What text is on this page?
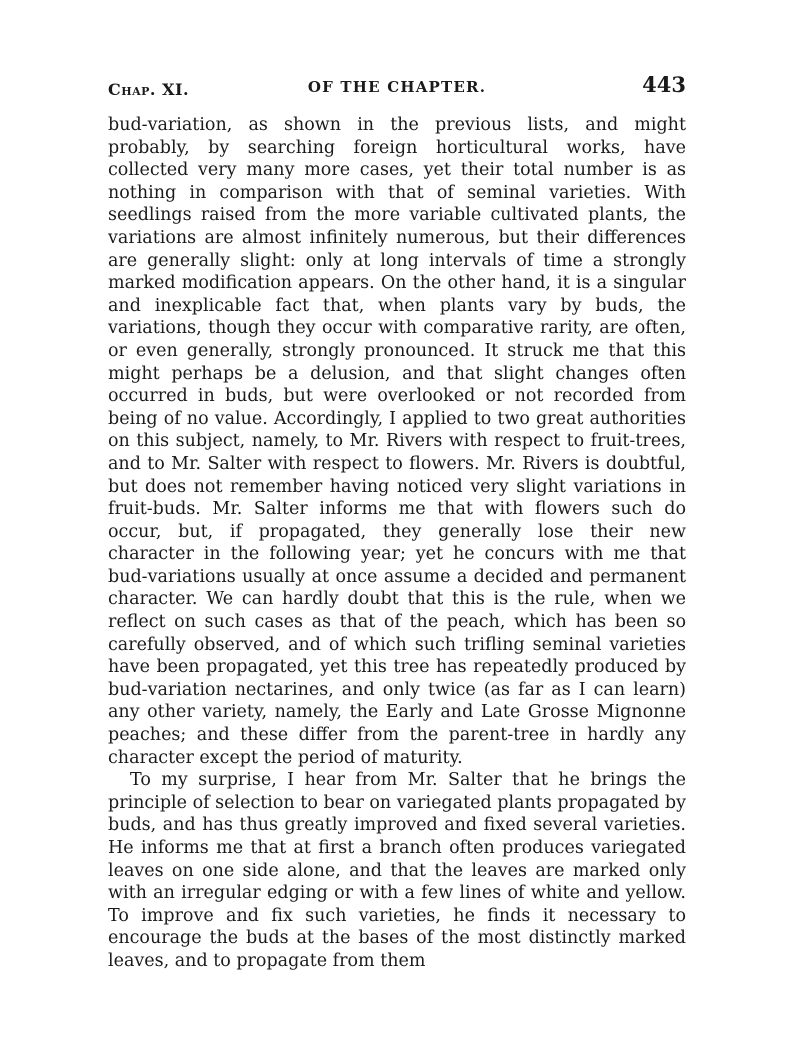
Chap. XI.	OF THE CHAPTER.	443

bud-variation, as shown in the previous lists, and might probably, by searching foreign horticultural works, have collected very many more cases, yet their total number is as nothing in comparison with that of seminal varieties. With seedlings raised from the more variable cultivated plants, the variations are almost infinitely numerous, but their differences are generally slight: only at long intervals of time a strongly marked modification appears. On the other hand, it is a singular and inexplicable fact that, when plants vary by buds, the variations, though they occur with comparative rarity, are often, or even generally, strongly pronounced. It struck me that this might perhaps be a delusion, and that slight changes often occurred in buds, but were overlooked or not recorded from being of no value. Accordingly, I applied to two great authorities on this subject, namely, to Mr. Rivers with respect to fruit-trees, and to Mr. Salter with respect to flowers. Mr. Rivers is doubtful, but does not remember having noticed very slight variations in fruit-buds. Mr. Salter informs me that with flowers such do occur, but, if propagated, they generally lose their new character in the following year; yet he concurs with me that bud-variations usually at once assume a decided and permanent character. We can hardly doubt that this is the rule, when we reflect on such cases as that of the peach, which has been so carefully observed, and of which such trifling seminal varieties have been propagated, yet this tree has repeatedly produced by bud-variation nectarines, and only twice (as far as I can learn) any other variety, namely, the Early and Late Grosse Mignonne peaches; and these differ from the parent-tree in hardly any character except the period of maturity.

To my surprise, I hear from Mr. Salter that he brings the principle of selection to bear on variegated plants propagated by buds, and has thus greatly improved and fixed several varieties. He informs me that at first a branch often produces variegated leaves on one side alone, and that the leaves are marked only with an irregular edging or with a few lines of white and yellow. To improve and fix such varieties, he finds it necessary to encourage the buds at the bases of the most distinctly marked leaves, and to propagate from them
